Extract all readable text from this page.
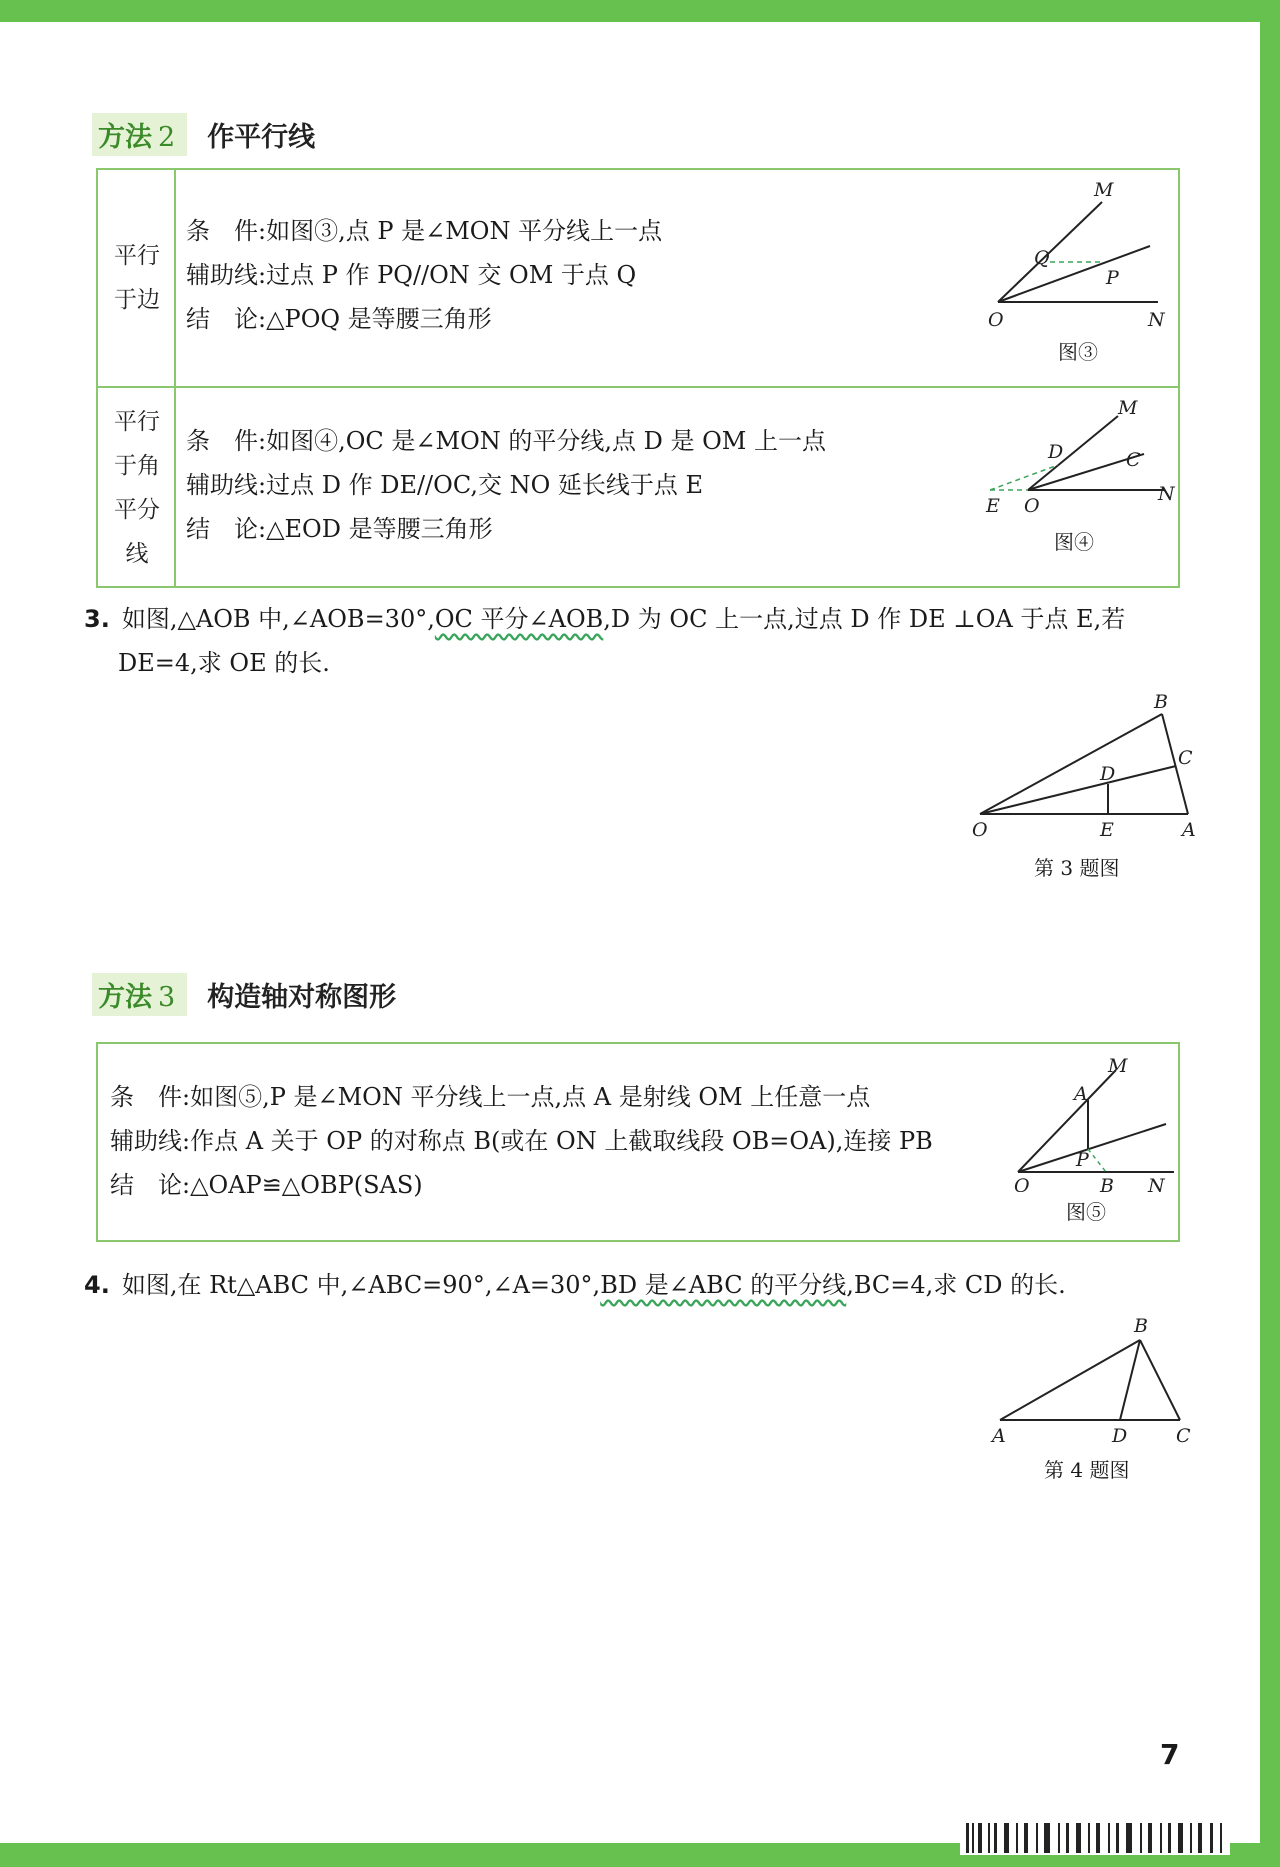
方法 2	作平行线
平行
于边
条　件:如图③,点 P 是∠MON 平分线上一点
辅助线:过点 P 作 PQ//ON 交 OM 于点 Q
结　论:△POQ 是等腰三角形
M
Q
P
O	N
图③
平行
于角
平分
线
条　件:如图④,OC 是∠MON 的平分线,点 D 是 OM 上一点
辅助线:过点 D 作 DE//OC,交 NO 延长线于点 E
结　论:△EOD 是等腰三角形
M
D	C
E O
N
图④
3. 如图,△AOB 中,∠AOB=30°,OC 平分∠AOB,D 为 OC 上一点,过点 D 作 DE ⊥OA 于点 E,若
DE=4,求 OE 的长.
B
C
D
O	E	A
第 3 题图
方法 3	构造轴对称图形
条　件:如图⑤,P 是∠MON 平分线上一点,点 A 是射线 OM 上任意一点
辅助线:作点 A 关于 OP 的对称点 B(或在 ON 上截取线段 OB=OA),连接 PB
结　论:△OAP≌△OBP(SAS)
M
A
P
O	B N
图⑤
4. 如图,在 Rt△ABC 中,∠ABC=90°,∠A=30°,BD 是∠ABC 的平分线,BC=4,求 CD 的长.
B
A	D	C
第 4 题图
7
